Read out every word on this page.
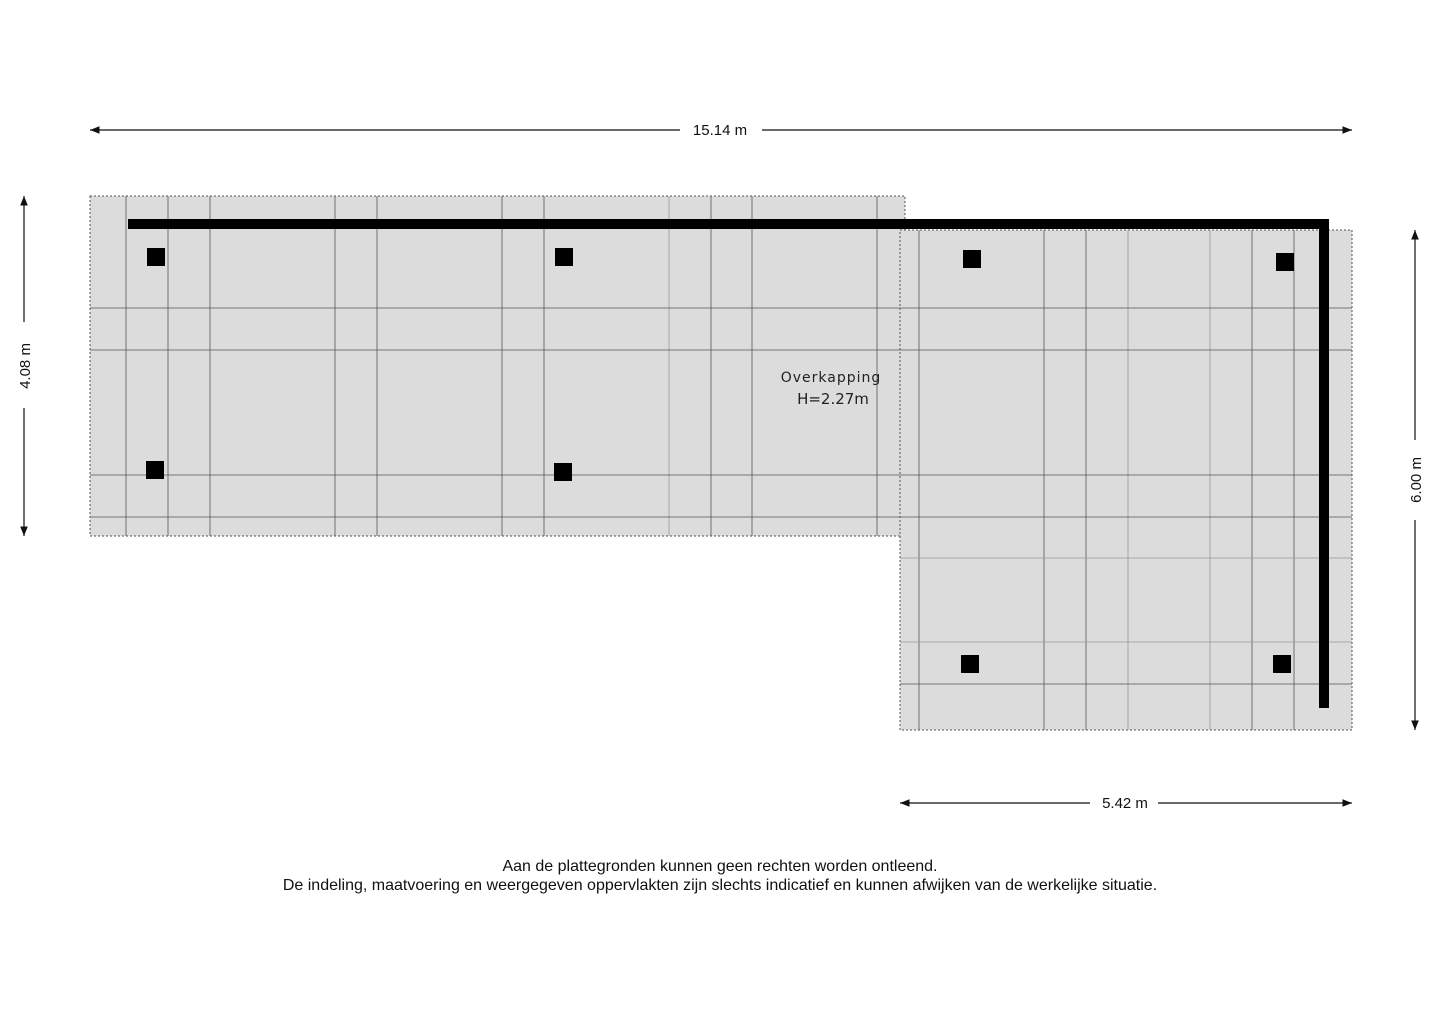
Overkapping
H=2.27m
15.14 m
4.08 m
6.00 m
5.42 m
Aan de plattegronden kunnen geen rechten worden ontleend.
De indeling, maatvoering en weergegeven oppervlakten zijn slechts indicatief en kunnen afwijken van de werkelijke situatie.
